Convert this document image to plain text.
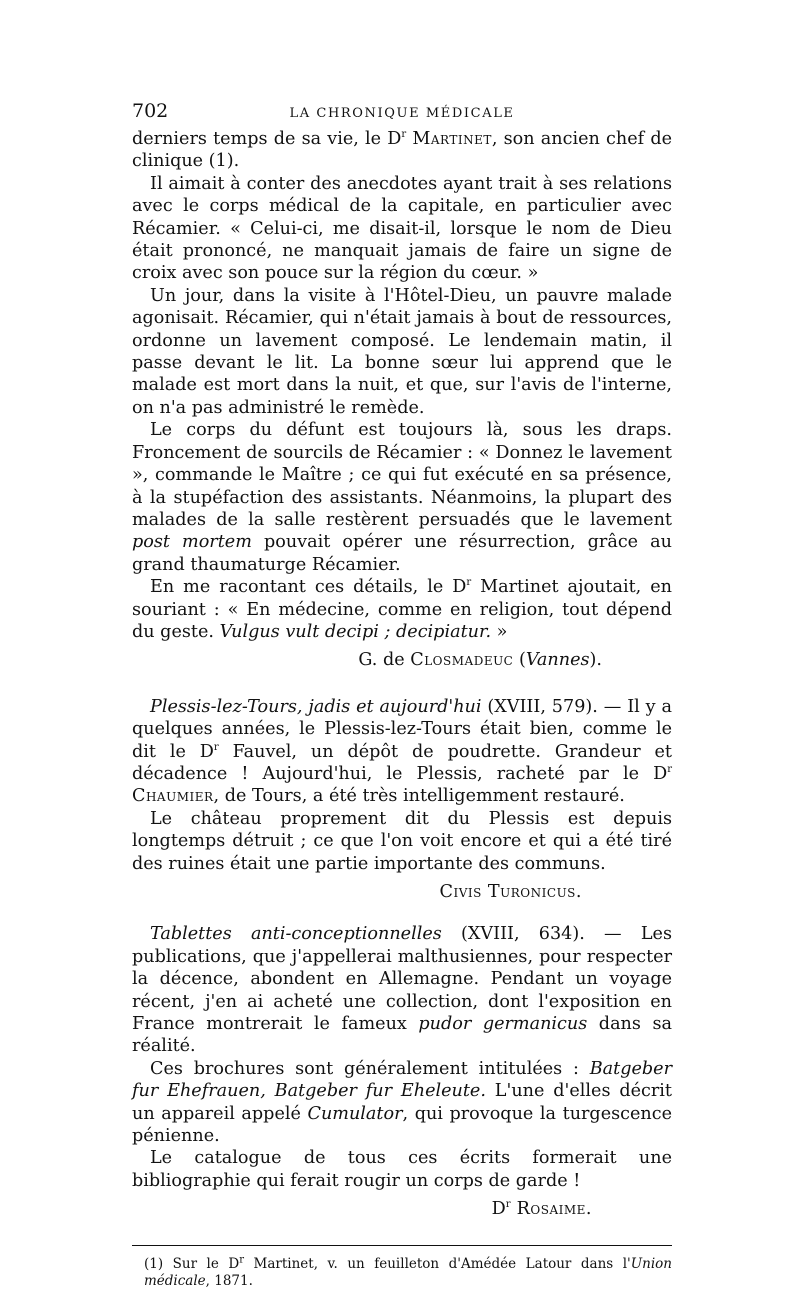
702	LA CHRONIQUE MÉDICALE

derniers temps de sa vie, le $D^r$ Martinet, son ancien chef de clinique (1).

Il aimait à conter des anecdotes ayant trait à ses relations avec le corps médical de la capitale, en particulier avec Récamier. « Celui-ci, me disait-il, lorsque le nom de Dieu était prononcé, ne manquait jamais de faire un signe de croix avec son pouce sur la région du cœur. »

Un jour, dans la visite à l'Hôtel-Dieu, un pauvre malade agonisait. Récamier, qui n'était jamais à bout de ressources, ordonne un lavement composé. Le lendemain matin, il passe devant le lit. La bonne sœur lui apprend que le malade est mort dans la nuit, et que, sur l'avis de l'interne, on n'a pas administré le remède.

Le corps du défunt est toujours là, sous les draps. Froncement de sourcils de Récamier : « Donnez le lavement », commande le Maître ; ce qui fut exécuté en sa présence, à la stupéfaction des assistants. Néanmoins, la plupart des malades de la salle restèrent persuadés que le lavement post mortem pouvait opérer une résurrection, grâce au grand thaumaturge Récamier.

En me racontant ces détails, le $D^r$ Martinet ajoutait, en souriant : « En médecine, comme en religion, tout dépend du geste. Vulgus vult decipi ; decipiatur. »

G. de Closmadeuc (Vannes).

Plessis-lez-Tours, jadis et aujourd'hui (XVIII, 579). — Il y a quelques années, le Plessis-lez-Tours était bien, comme le dit le $D^r$ Fauvel, un dépôt de poudrette. Grandeur et décadence ! Aujourd'hui, le Plessis, racheté par le $D^r$ Chaumier, de Tours, a été très intelligemment restauré.

Le château proprement dit du Plessis est depuis longtemps détruit ; ce que l'on voit encore et qui a été tiré des ruines était une partie importante des communs.

Civis Turonicus.

Tablettes anti-conceptionnelles (XVIII, 634). — Les publications, que j'appellerai malthusiennes, pour respecter la décence, abondent en Allemagne. Pendant un voyage récent, j'en ai acheté une collection, dont l'exposition en France montrerait le fameux pudor germanicus dans sa réalité.

Ces brochures sont généralement intitulées : Batgeber fur Ehefrauen, Batgeber fur Eheleute. L'une d'elles décrit un appareil appelé Cumulator, qui provoque la turgescence pénienne.

Le catalogue de tous ces écrits formerait une bibliographie qui ferait rougir un corps de garde !

$D^r$ Rosaime.
(1) Sur le $D^r$ Martinet, v. un feuilleton d'Amédée Latour dans l'Union médicale, 1871.
